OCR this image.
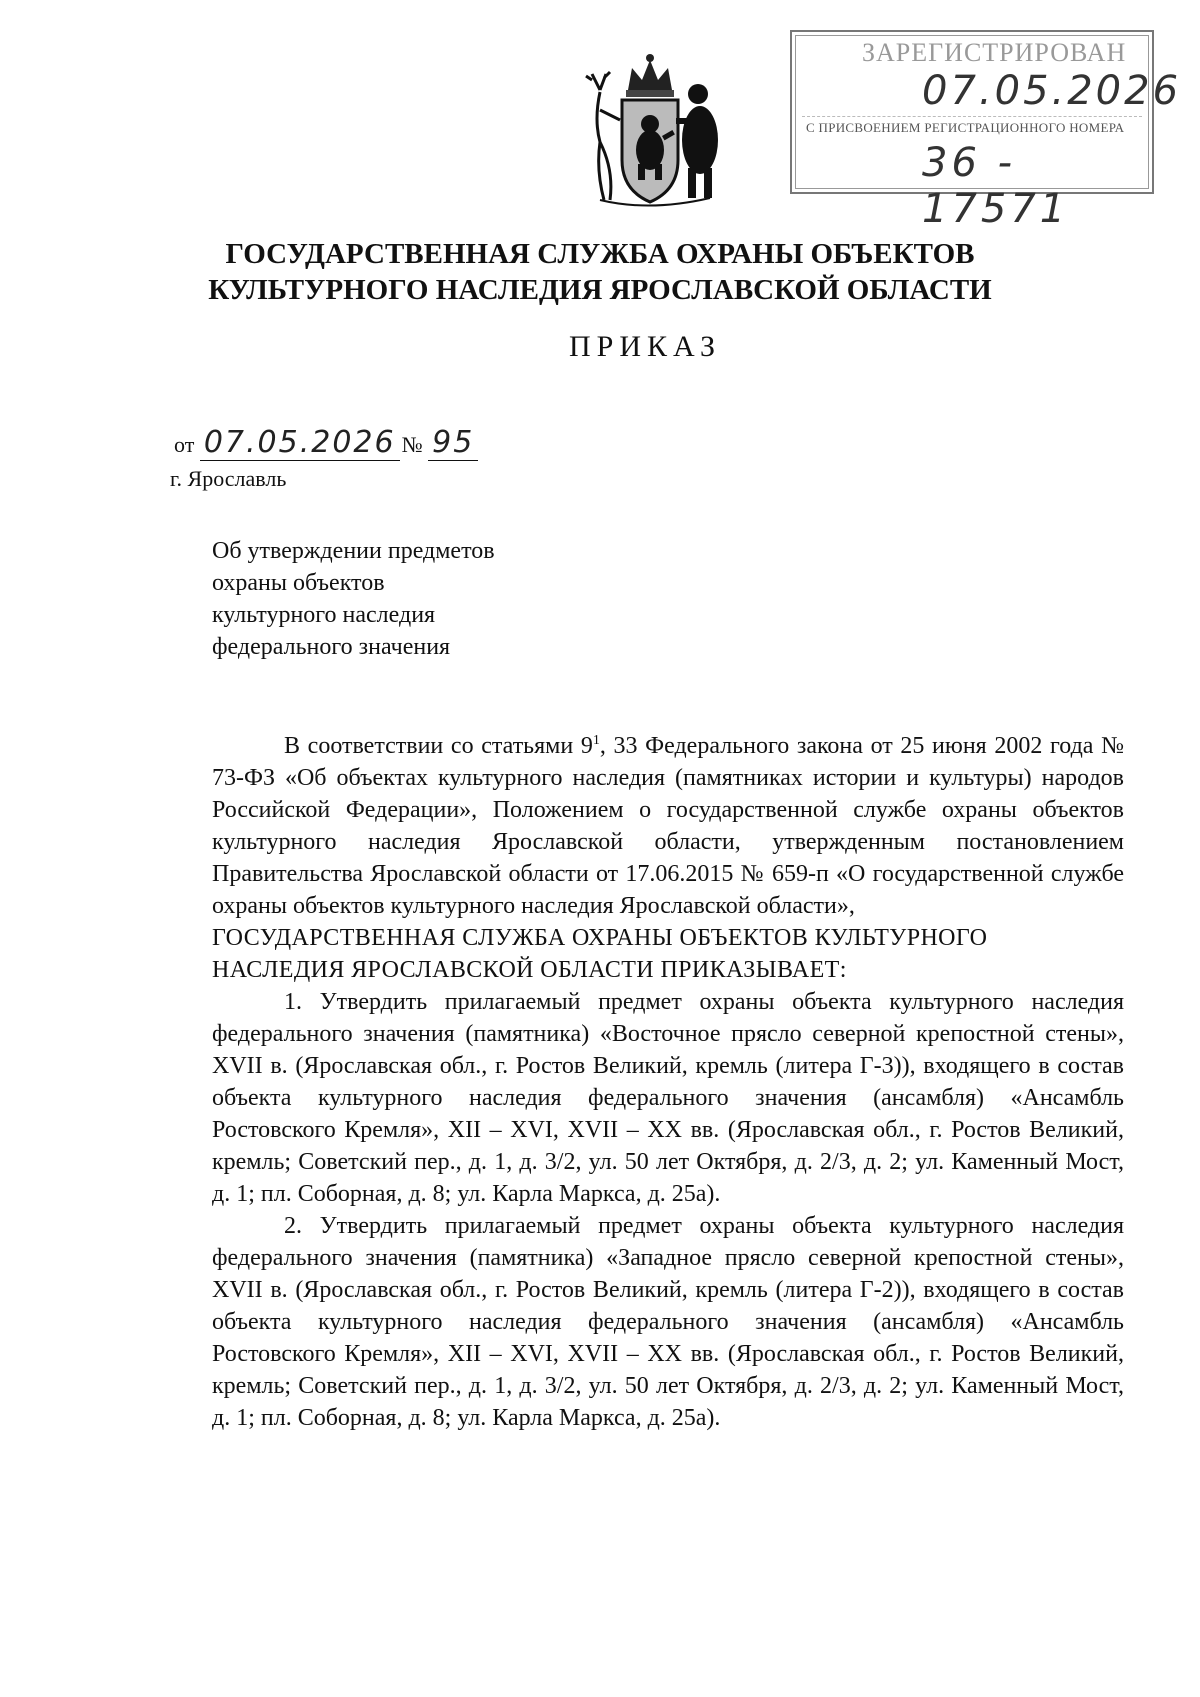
ЗАРЕГИСТРИРОВАН
07.05.2026
С ПРИСВОЕНИЕМ РЕГИСТРАЦИОННОГО НОМЕРА
36 - 17571
ГОСУДАРСТВЕННАЯ СЛУЖБА ОХРАНЫ ОБЪЕКТОВ
КУЛЬТУРНОГО НАСЛЕДИЯ ЯРОСЛАВСКОЙ ОБЛАСТИ
ПРИКАЗ
от 07.05.2026 № 95
г. Ярославль
Об утверждении предметов
охраны объектов
культурного наследия
федерального значения

В соответствии со статьями $9^1$, 33 Федерального закона от 25 июня 2002 года № 73-ФЗ «Об объектах культурного наследия (памятниках истории и культуры) народов Российской Федерации», Положением о государственной службе охраны объектов культурного наследия Ярославской области, утвержденным постановлением Правительства Ярославской области от 17.06.2015 № 659-п «О государственной службе охраны объектов культурного наследия Ярославской области»,

ГОСУДАРСТВЕННАЯ СЛУЖБА ОХРАНЫ ОБЪЕКТОВ КУЛЬТУРНОГО НАСЛЕДИЯ ЯРОСЛАВСКОЙ ОБЛАСТИ ПРИКАЗЫВАЕТ:

1. Утвердить прилагаемый предмет охраны объекта культурного наследия федерального значения (памятника) «Восточное прясло северной крепостной стены», XVII в. (Ярославская обл., г. Ростов Великий, кремль (литера Г-3)), входящего в состав объекта культурного наследия федерального значения (ансамбля) «Ансамбль Ростовского Кремля», XII – XVI, XVII – XX вв. (Ярославская обл., г. Ростов Великий, кремль; Советский пер., д. 1, д. 3/2, ул. 50 лет Октября, д. 2/3, д. 2; ул. Каменный Мост, д. 1; пл. Соборная, д. 8; ул. Карла Маркса, д. 25а).

2. Утвердить прилагаемый предмет охраны объекта культурного наследия федерального значения (памятника) «Западное прясло северной крепостной стены», XVII в. (Ярославская обл., г. Ростов Великий, кремль (литера Г-2)), входящего в состав объекта культурного наследия федерального значения (ансамбля) «Ансамбль Ростовского Кремля», XII – XVI, XVII – XX вв. (Ярославская обл., г. Ростов Великий, кремль; Советский пер., д. 1, д. 3/2, ул. 50 лет Октября, д. 2/3, д. 2; ул. Каменный Мост, д. 1; пл. Соборная, д. 8; ул. Карла Маркса, д. 25а).
